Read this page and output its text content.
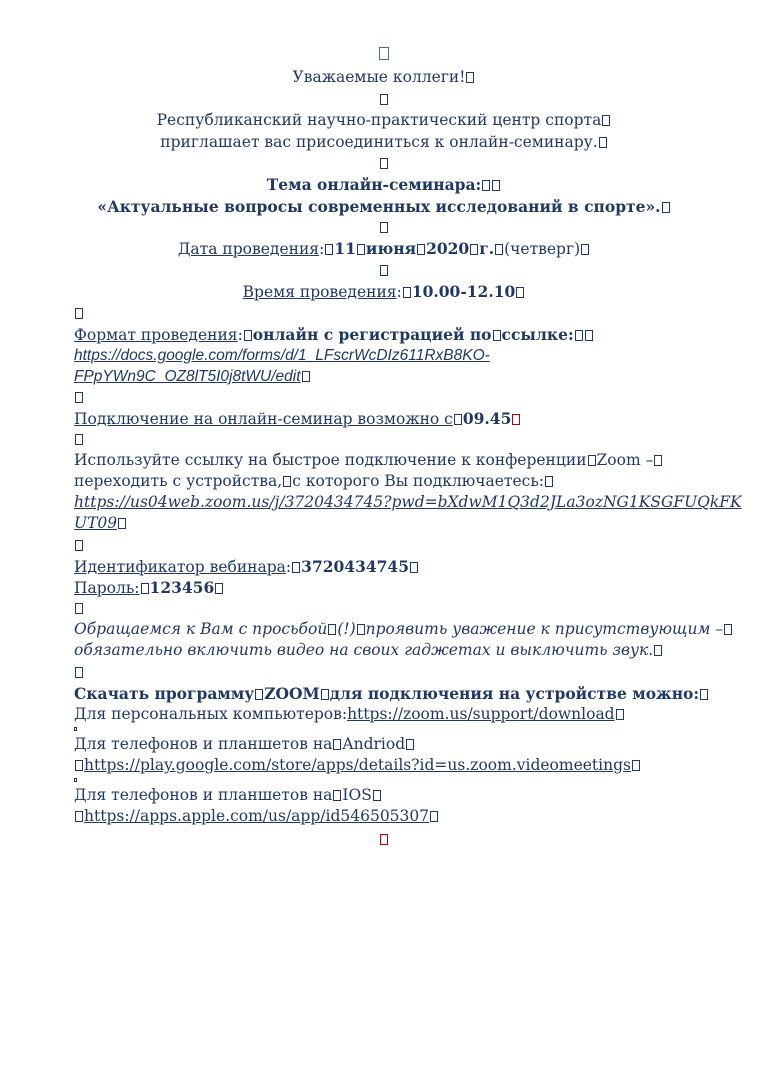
Уважаемые коллеги!
Республиканский научно-практический центр спорта
приглашает вас присоединиться к онлайн-семинару.
Тема онлайн-семинара:
«Актуальные вопросы современных исследований в спорте».
Дата проведения: 11 июня 2020 г. (четверг)
Время проведения: 10.00-12.10
Формат проведения: онлайн с регистрацией по ссылке:
https://docs.google.com/forms/d/1_LFscrWcDIz611RxB8KO-
FPpYWn9C_OZ8lT5I0j8tWU/edit
Подключение на онлайн-семинар возможно с 09.45
Используйте ссылку на быстрое подключение к конференции Zoom –
переходить с устройства, с которого Вы подключаетесь:
https://us04web.zoom.us/j/3720434745?pwd=bXdwM1Q3d2JLa3ozNG1KSGFUQkFK
UT09
Идентификатор вебинара: 3720434745
Пароль: 123456
Обращаемся к Вам с просьбой (!) проявить уважение к присутствующим –
обязательно включить видео на своих гаджетах и выключить звук.
Скачать программу ZOOM для подключения на устройстве можно:
Для персональных компьютеров:https://zoom.us/support/download
Для телефонов и планшетов на Andriod
https://play.google.com/store/apps/details?id=us.zoom.videomeetings
Для телефонов и планшетов на IOS
https://apps.apple.com/us/app/id546505307
